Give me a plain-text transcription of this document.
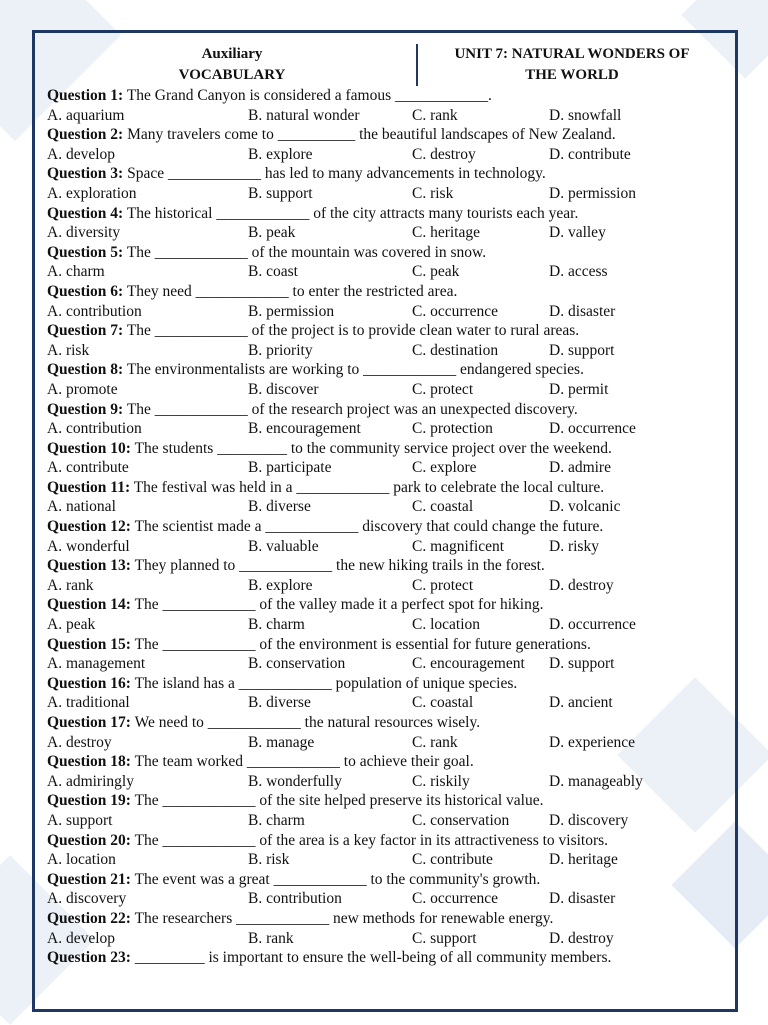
Auxiliary
VOCABULARY
UNIT 7: NATURAL WONDERS OF
THE WORLD
Question 1: The Grand Canyon is considered a famous ____________.
A. aquarium	B. natural wonder	C. rank	D. snowfall
Question 2: Many travelers come to __________ the beautiful landscapes of New Zealand.
A. develop	B. explore	C. destroy	D. contribute
Question 3: Space ____________ has led to many advancements in technology.
A. exploration	B. support	C. risk	D. permission
Question 4: The historical ____________ of the city attracts many tourists each year.
A. diversity	B. peak	C. heritage	D. valley
Question 5: The ____________ of the mountain was covered in snow.
A. charm	B. coast	C. peak	D. access
Question 6: They need ____________ to enter the restricted area.
A. contribution	B. permission	C. occurrence	D. disaster
Question 7: The ____________ of the project is to provide clean water to rural areas.
A. risk	B. priority	C. destination	D. support
Question 8: The environmentalists are working to ____________ endangered species.
A. promote	B. discover	C. protect	D. permit
Question 9: The ____________ of the research project was an unexpected discovery.
A. contribution	B. encouragement	C. protection	D. occurrence
Question 10: The students _________ to the community service project over the weekend.
A. contribute	B. participate	C. explore	D. admire
Question 11: The festival was held in a ____________ park to celebrate the local culture.
A. national	B. diverse	C. coastal	D. volcanic
Question 12: The scientist made a ____________ discovery that could change the future.
A. wonderful	B. valuable	C. magnificent	D. risky
Question 13: They planned to ____________ the new hiking trails in the forest.
A. rank	B. explore	C. protect	D. destroy
Question 14: The ____________ of the valley made it a perfect spot for hiking.
A. peak	B. charm	C. location	D. occurrence
Question 15: The ____________ of the environment is essential for future generations.
A. management	B. conservation	C. encouragement D. support
Question 16: The island has a ____________ population of unique species.
A. traditional	B. diverse	C. coastal	D. ancient
Question 17: We need to ____________ the natural resources wisely.
A. destroy	B. manage	C. rank	D. experience
Question 18: The team worked ____________ to achieve their goal.
A. admiringly	B. wonderfully	C. riskily	D. manageably
Question 19: The ____________ of the site helped preserve its historical value.
A. support	B. charm	C. conservation	D. discovery
Question 20: The ____________ of the area is a key factor in its attractiveness to visitors.
A. location	B. risk	C. contribute	D. heritage
Question 21: The event was a great ____________ to the community's growth.
A. discovery	B. contribution	C. occurrence	D. disaster
Question 22: The researchers ____________ new methods for renewable energy.
A. develop	B. rank	C. support	D. destroy
Question 23: _________ is important to ensure the well-being of all community members.
